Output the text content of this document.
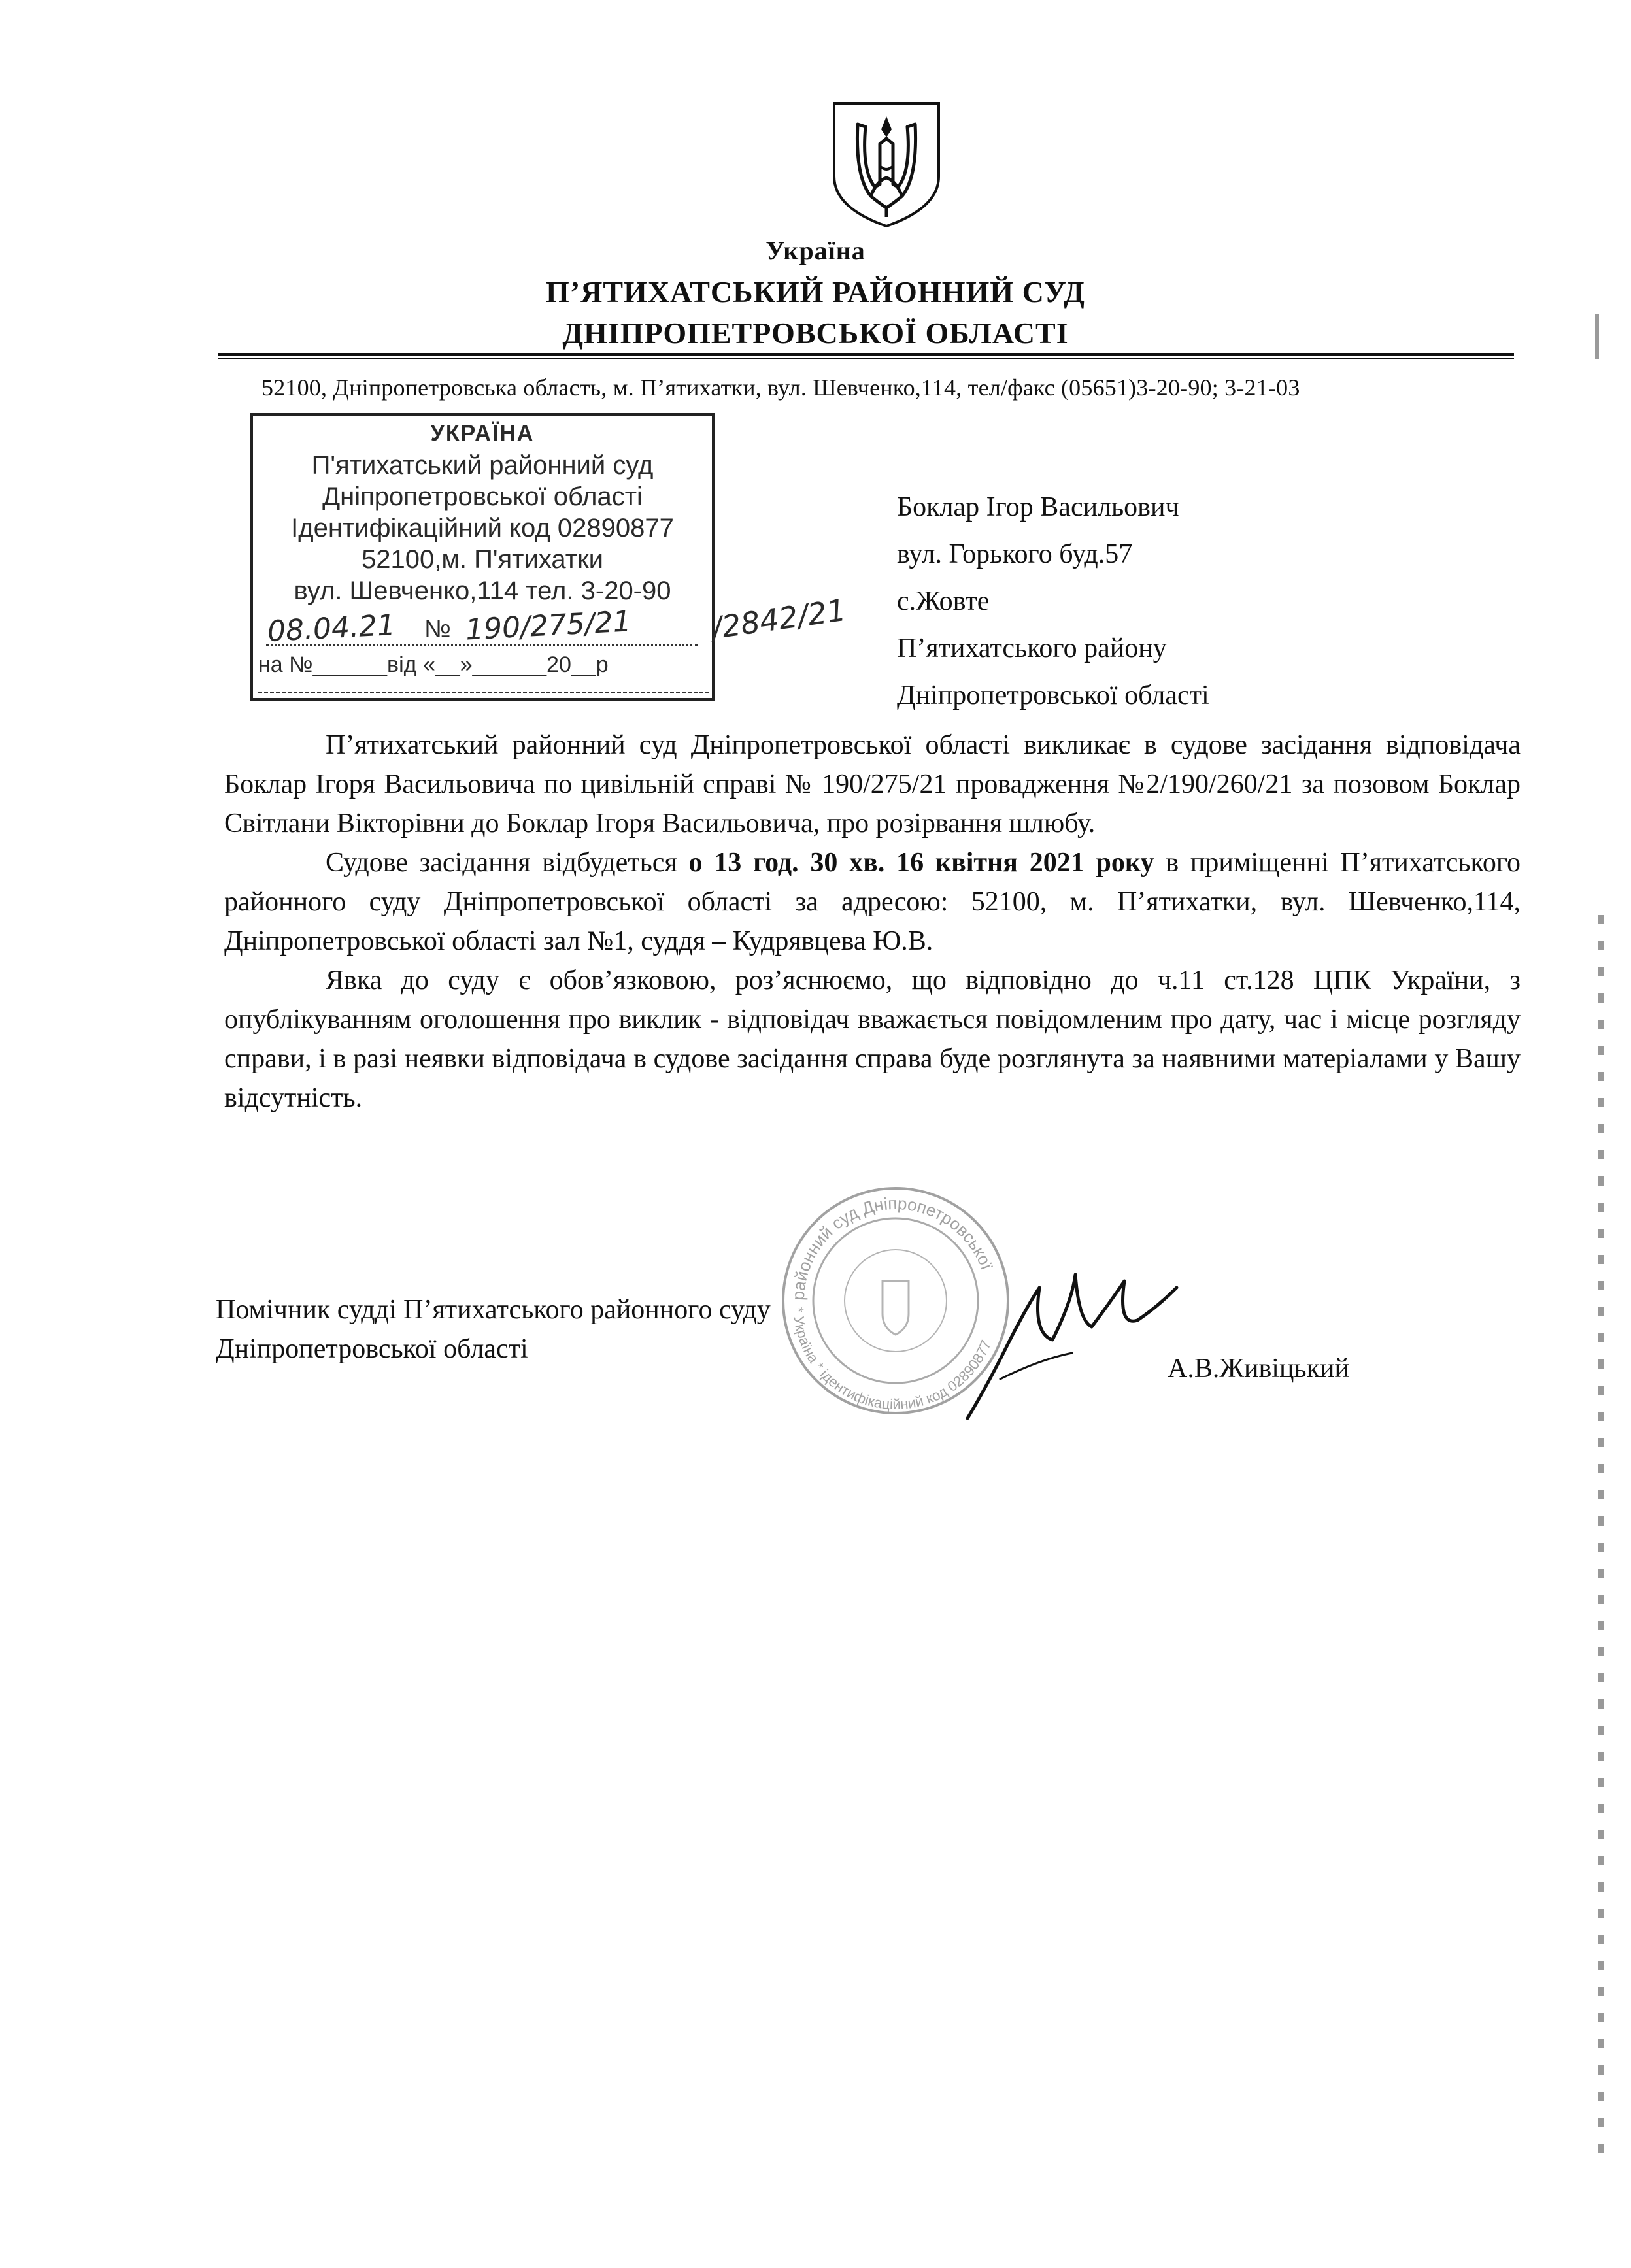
Україна
П’ЯТИХАТСЬКИЙ РАЙОННИЙ СУД
ДНІПРОПЕТРОВСЬКОЇ ОБЛАСТІ
52100, Дніпропетровська область, м. П’ятихатки, вул. Шевченко,114, тел/факс (05651)3-20-90; 3-21-03
УКРАЇНА
П'ятихатський районний суд
Дніпропетровської області
Ідентифікаційний код 02890877
52100,м. П'ятихатки
вул. Шевченко,114 тел. 3-20-90
08.04.21 № 190/275/21
на №______від «__»______20__р
/2842/21
Боклар Ігор Васильович
вул. Горького буд.57
с.Жовте
П’ятихатського району
Дніпропетровської області

П’ятихатський районний суд Дніпропетровської області викликає в судове засідання відповідача Боклар Ігоря Васильовича по цивільній справі № 190/275/21 провадження №2/190/260/21 за позовом Боклар Світлани Вікторівни до Боклар Ігоря Васильовича, про розірвання шлюбу.

Судове засідання відбудеться о 13 год. 30 хв. 16 квітня 2021 року в приміщенні П’ятихатського районного суду Дніпропетровської області за адресою: 52100, м. П’ятихатки, вул. Шевченко,114, Дніпропетровської області зал №1, суддя – Кудрявцева Ю.В.

Явка до суду є обов’язковою, роз’яснюємо, що відповідно до ч.11 ст.128 ЦПК України, з опублікуванням оголошення про виклик - відповідач вважається повідомленим про дату, час і місце розгляду справи, і в разі неявки відповідача в судове засідання справа буде розглянута за наявними матеріалами у Вашу відсутність.

районний суд Дніпропетровської
* Україна * ідентифікаційний код 02890877
Помічник судді П’ятихатського районного суду
Дніпропетровської області
А.В.Живіцький
